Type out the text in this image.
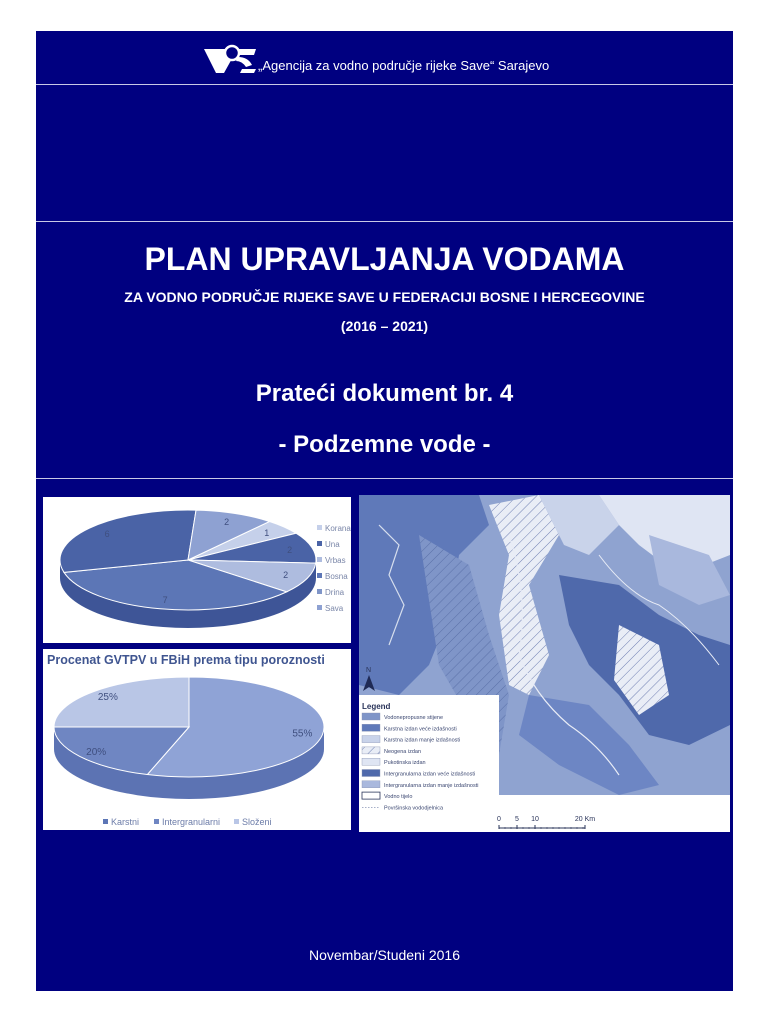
„Agencija za vodno područje rijeke Save“ Sarajevo
PLAN UPRAVLJANJA VODAMA
ZA VODNO PODRUČJE RIJEKE SAVE U FEDERACIJI BOSNE I HERCEGOVINE
(2016 – 2021)
Prateći dokument br. 4
- Podzemne vode -
Novembar/Studeni 2016
1
2
2
7
6
2
Korana
Una
Vrbas
Bosna
Drina
Sava
Procenat GVTPV u FBiH prema tipu poroznosti
55%
20%
25%
Karstni	Intergranularni Složeni
Legend
Vodonepropusne stijene
Karstna izdan veće izdašnosti
Karstna izdan manje izdašnosti
Neogena izdan
Pukotinska izdan
Intergranularna izdan veće izdašnosti
Intergranularna izdan manje izdašnosti
Vodno tijelo
Površinska vododjelnica
N
0 5 10	20 Km
